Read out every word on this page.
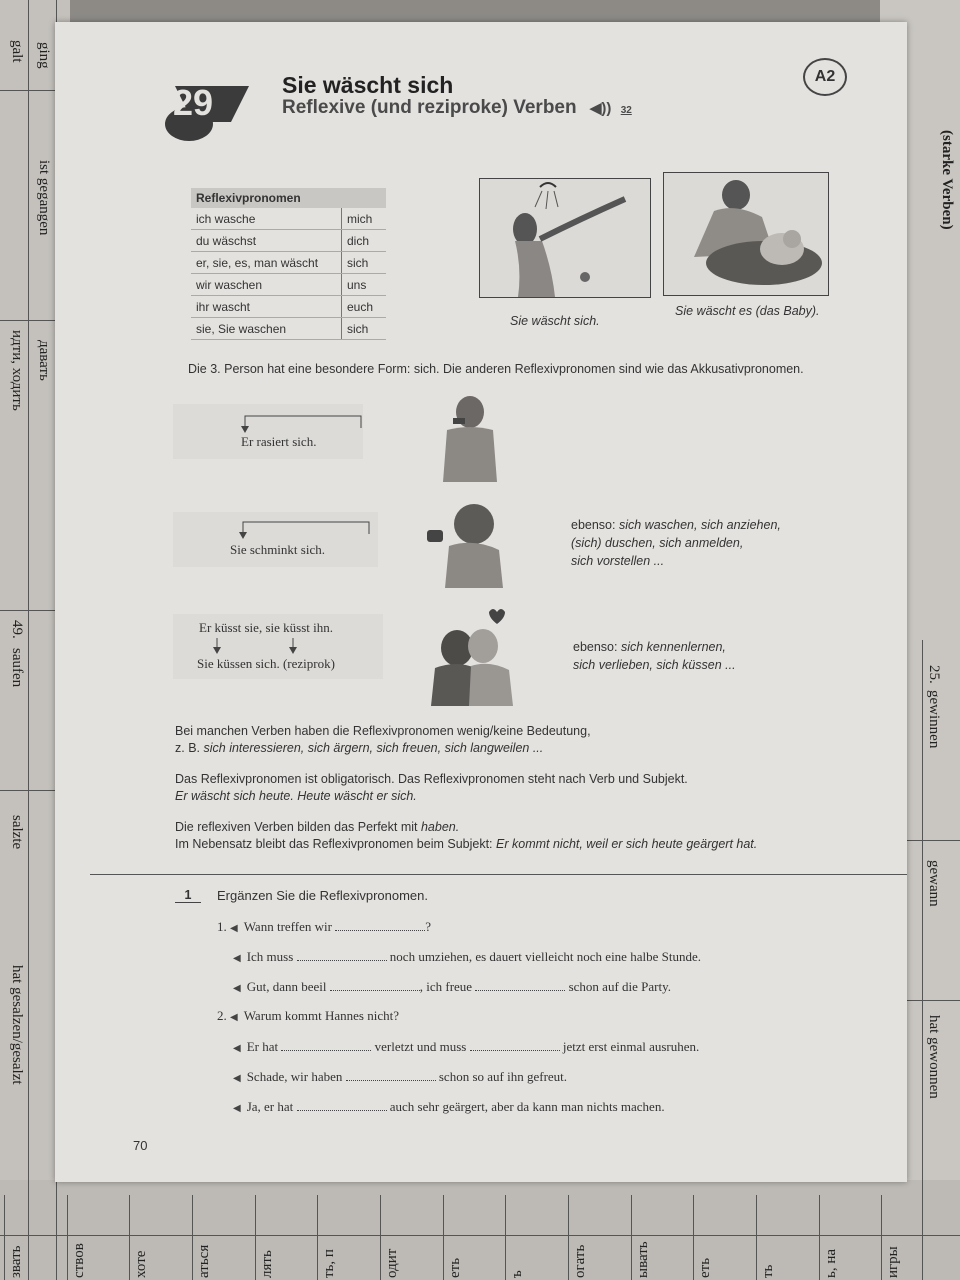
galt ging
ist gegangen
давать
идти, ходить
49.
saufen
salzte
hat gesalzen/gesalzt
(starke Verben)
25.
gewinnen
gewann
hat gewonnen
звать	ствов	хоте	аться	лять	ть, п	одит	еть	ъ	огать	ывать	еть	ть	ь, на	игры
29	Sie wäscht sich
Reflexive (und reziproke) Verben ◀)) 32
A2
Reflexivpronomen	
ich wasche	mich
du wäschst	dich
er, sie, es, man wäscht	sich
wir waschen	uns
ihr wascht	euch
sie, Sie waschen	sich
Sie wäscht sich.
Sie wäscht es (das Baby).
Die 3. Person hat eine besondere Form: sich. Die anderen Reflexivpronomen sind wie das Akkusativpronomen.
Er rasiert sich.
Sie schminkt sich.
ebenso: sich waschen, sich anziehen,
(sich) duschen, sich anmelden,
sich vorstellen ...
Er küsst sie, sie küsst ihn.
Sie küssen sich. (reziprok)
ebenso: sich kennenlernen,
sich verlieben, sich küssen ...
Bei manchen Verben haben die Reflexivpronomen wenig/keine Bedeutung,
z. B. sich interessieren, sich ärgern, sich freuen, sich langweilen ...
Das Reflexivpronomen ist obligatorisch. Das Reflexivpronomen steht nach Verb und Subjekt.
Er wäscht sich heute. Heute wäscht er sich.
Die reflexiven Verben bilden das Perfekt mit haben.
Im Nebensatz bleibt das Reflexivpronomen beim Subjekt: Er kommt nicht, weil er sich heute geärgert hat.
1	Ergänzen Sie die Reflexivpronomen.
1. ◀ Wann treffen wir	?
◀ Ich muss	noch umziehen, es dauert vielleicht noch eine halbe Stunde.
◀ Gut, dann beeil	, ich freue	schon auf die Party.
2. ◀ Warum kommt Hannes nicht?
◀ Er hat	verletzt und muss	jetzt erst einmal ausruhen.
◀ Schade, wir haben	schon so auf ihn gefreut.
◀ Ja, er hat	auch sehr geärgert, aber da kann man nichts machen.
70
